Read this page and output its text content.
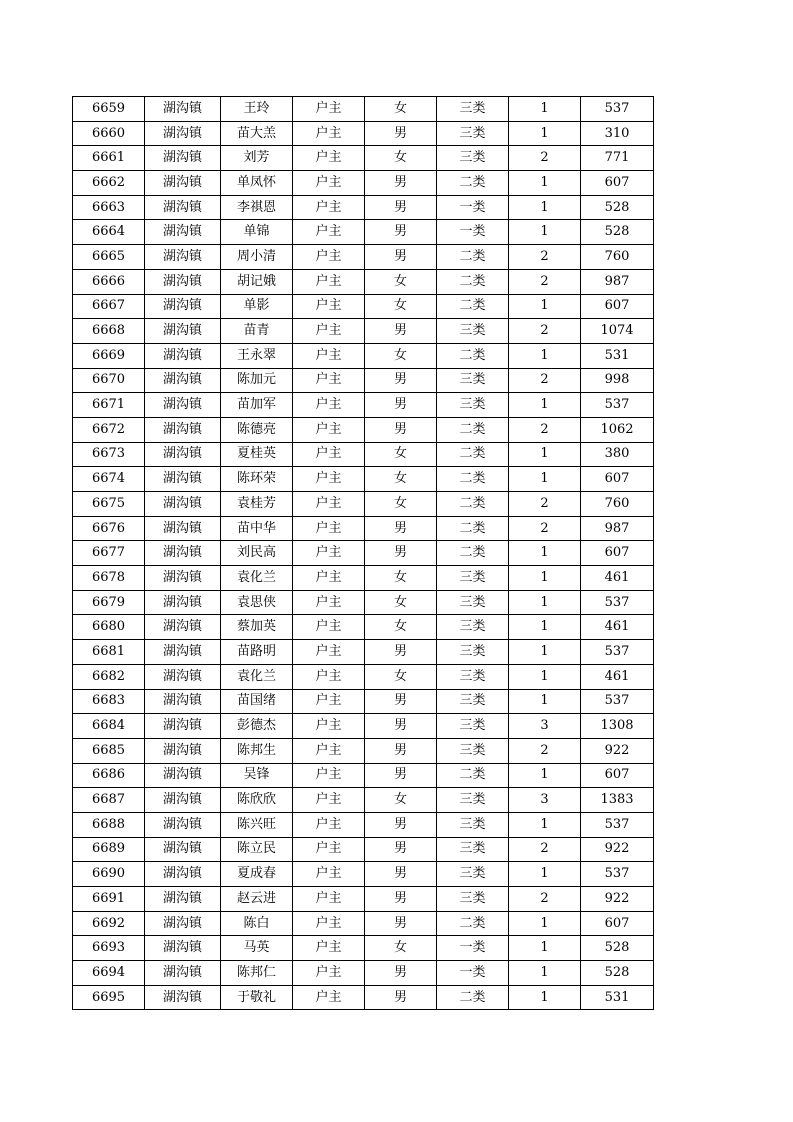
6659	湖沟镇	王玲	户主	女	三类	1	537
6660	湖沟镇	苗大羔	户主	男	三类	1	310
6661	湖沟镇	刘芳	户主	女	三类	2	771
6662	湖沟镇	单凤怀	户主	男	二类	1	607
6663	湖沟镇	李祺恩	户主	男	一类	1	528
6664	湖沟镇	单锦	户主	男	一类	1	528
6665	湖沟镇	周小清	户主	男	二类	2	760
6666	湖沟镇	胡记娥	户主	女	二类	2	987
6667	湖沟镇	单影	户主	女	二类	1	607
6668	湖沟镇	苗青	户主	男	三类	2	1074
6669	湖沟镇	王永翠	户主	女	二类	1	531
6670	湖沟镇	陈加元	户主	男	三类	2	998
6671	湖沟镇	苗加军	户主	男	三类	1	537
6672	湖沟镇	陈德亮	户主	男	二类	2	1062
6673	湖沟镇	夏桂英	户主	女	二类	1	380
6674	湖沟镇	陈环荣	户主	女	二类	1	607
6675	湖沟镇	袁桂芳	户主	女	二类	2	760
6676	湖沟镇	苗中华	户主	男	二类	2	987
6677	湖沟镇	刘民高	户主	男	二类	1	607
6678	湖沟镇	袁化兰	户主	女	三类	1	461
6679	湖沟镇	袁思侠	户主	女	三类	1	537
6680	湖沟镇	蔡加英	户主	女	三类	1	461
6681	湖沟镇	苗路明	户主	男	三类	1	537
6682	湖沟镇	袁化兰	户主	女	三类	1	461
6683	湖沟镇	苗国绪	户主	男	三类	1	537
6684	湖沟镇	彭德杰	户主	男	三类	3	1308
6685	湖沟镇	陈邦生	户主	男	三类	2	922
6686	湖沟镇	吴锋	户主	男	二类	1	607
6687	湖沟镇	陈欣欣	户主	女	三类	3	1383
6688	湖沟镇	陈兴旺	户主	男	三类	1	537
6689	湖沟镇	陈立民	户主	男	三类	2	922
6690	湖沟镇	夏成春	户主	男	三类	1	537
6691	湖沟镇	赵云进	户主	男	三类	2	922
6692	湖沟镇	陈白	户主	男	二类	1	607
6693	湖沟镇	马英	户主	女	一类	1	528
6694	湖沟镇	陈邦仁	户主	男	一类	1	528
6695	湖沟镇	于敬礼	户主	男	二类	1	531
